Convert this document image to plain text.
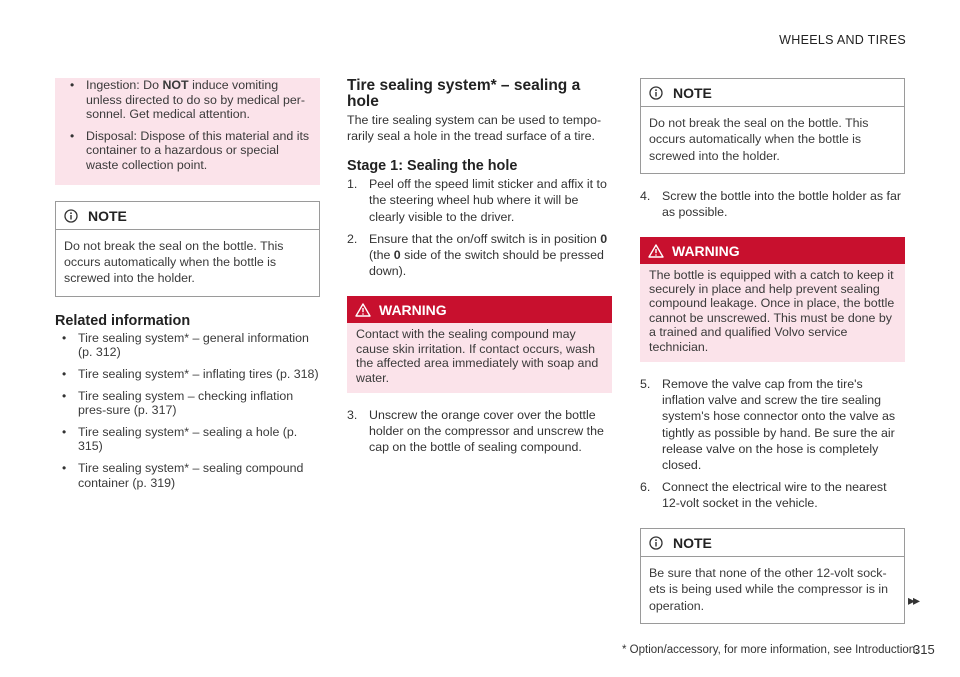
WHEELS AND TIRES
• Ingestion: Do NOT induce vomiting unless directed to do so by medical per-sonnel. Get medical attention.
• Disposal: Dispose of this material and its container to a hazardous or special waste collection point.
NOTE
Do not break the seal on the bottle. This occurs automatically when the bottle is screwed into the holder.
Related information
• Tire sealing system* – general information (p. 312)
• Tire sealing system* – inflating tires (p. 318)
• Tire sealing system – checking inflation pres-sure (p. 317)
• Tire sealing system* – sealing a hole (p. 315)
• Tire sealing system* – sealing compound container (p. 319)
Tire sealing system* – sealing a hole
The tire sealing system can be used to tempo-rarily seal a hole in the tread surface of a tire.
Stage 1: Sealing the hole
1. Peel off the speed limit sticker and affix it to the steering wheel hub where it will be clearly visible to the driver.
2. Ensure that the on/off switch is in position 0 (the 0 side of the switch should be pressed down).
WARNING
Contact with the sealing compound may cause skin irritation. If contact occurs, wash the affected area immediately with soap and water.
3. Unscrew the orange cover over the bottle holder on the compressor and unscrew the cap on the bottle of sealing compound.
NOTE
Do not break the seal on the bottle. This occurs automatically when the bottle is screwed into the holder.
4. Screw the bottle into the bottle holder as far as possible.
WARNING
The bottle is equipped with a catch to keep it securely in place and help prevent sealing compound leakage. Once in place, the bottle cannot be unscrewed. This must be done by a trained and qualified Volvo service technician.
5. Remove the valve cap from the tire's inflation valve and screw the tire sealing system's hose connector onto the valve as tightly as possible by hand. Be sure the air release valve on the hose is completely closed.
6. Connect the electrical wire to the nearest 12-volt socket in the vehicle.
NOTE
Be sure that none of the other 12-volt sock-ets is being used while the compressor is in operation.	▸▸
* Option/accessory, for more information, see Introduction.
315
